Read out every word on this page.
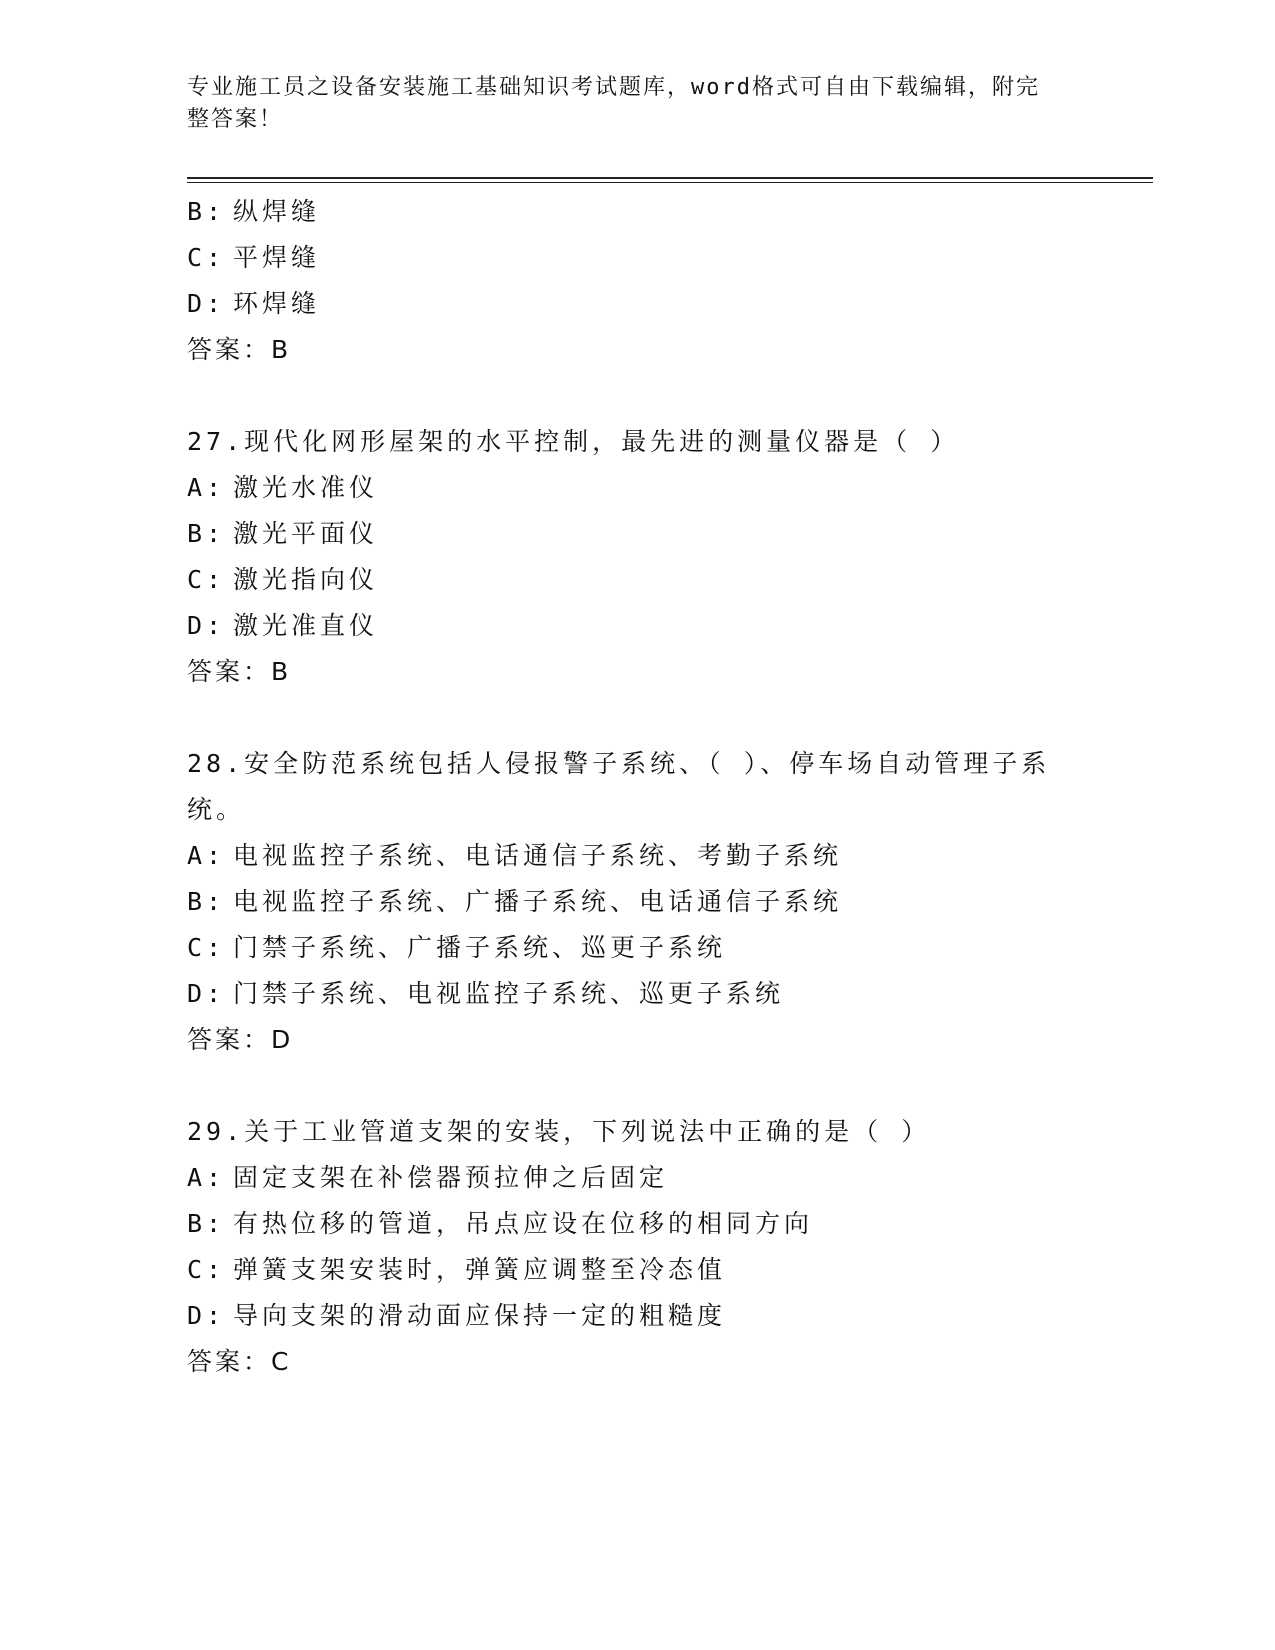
专业施工员之设备安装施工基础知识考试题库，word格式可自由下载编辑，附完
整答案！
B: 纵焊缝
C: 平焊缝
D: 环焊缝
答案：B
27.现代化网形屋架的水平控制，最先进的测量仪器是（ ）
A: 激光水准仪
B: 激光平面仪
C: 激光指向仪
D: 激光准直仪
答案：B
28.安全防范系统包括人侵报警子系统、（ ）、停车场自动管理子系
统。
A: 电视监控子系统、电话通信子系统、考勤子系统
B: 电视监控子系统、广播子系统、电话通信子系统
C: 门禁子系统、广播子系统、巡更子系统
D: 门禁子系统、电视监控子系统、巡更子系统
答案：D
29.关于工业管道支架的安装，下列说法中正确的是（ ）
A: 固定支架在补偿器预拉伸之后固定
B: 有热位移的管道，吊点应设在位移的相同方向
C: 弹簧支架安装时，弹簧应调整至冷态值
D: 导向支架的滑动面应保持一定的粗糙度
答案：C
